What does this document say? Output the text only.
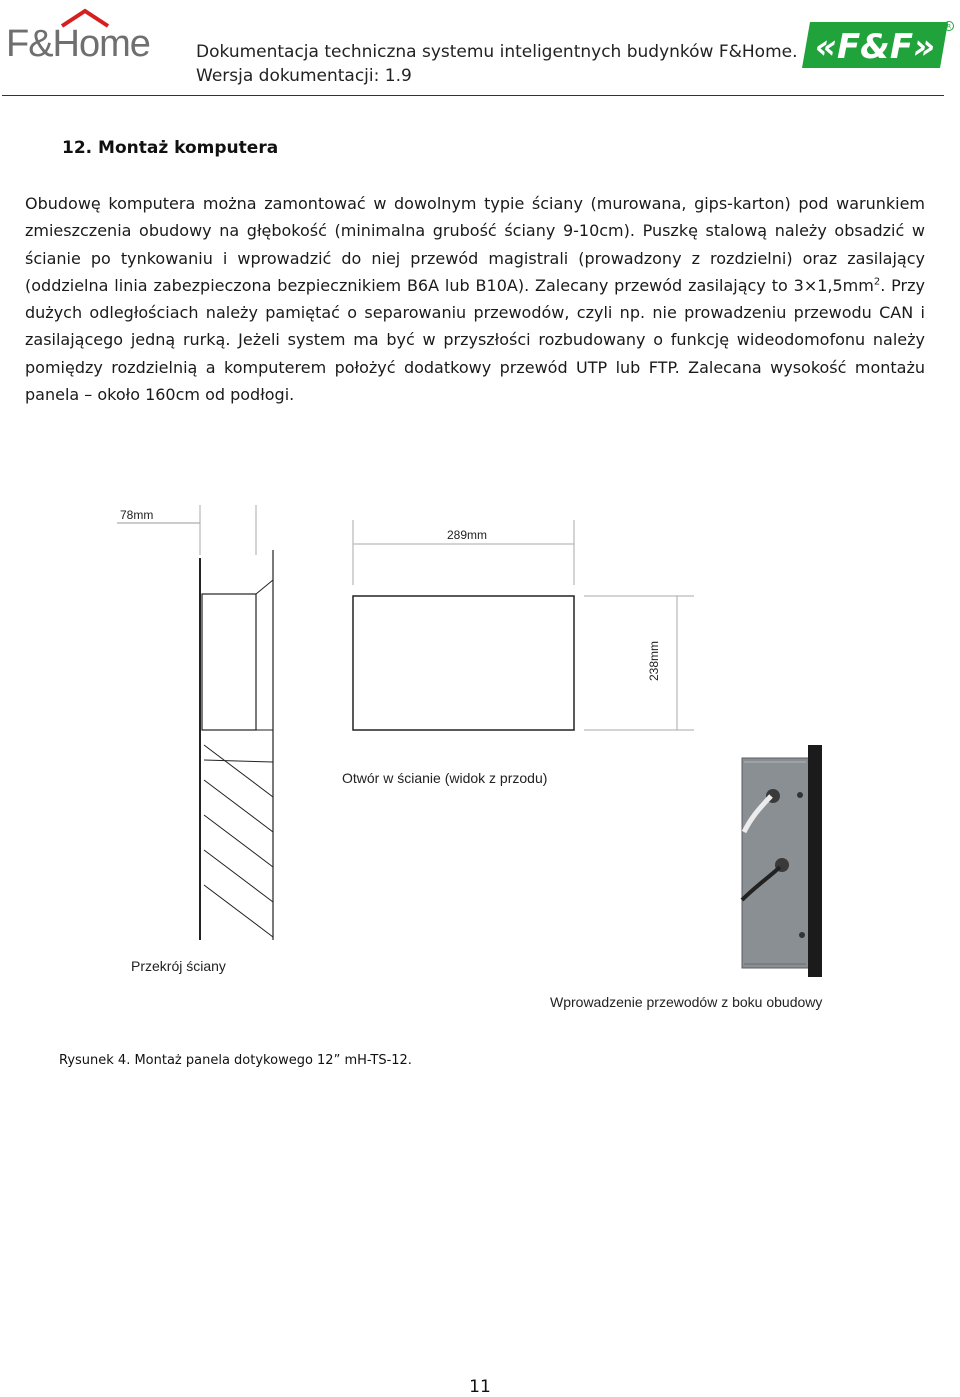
F&Home	Dokumentacja techniczna systemu inteligentnych budynków F&Home.
Wersja dokumentacji: 1.9
«F&F» R
12. Montaż komputera
Obudowę komputera można zamontować w dowolnym typie ściany (murowana, gips-karton) pod warunkiem zmieszczenia obudowy na głębokość (minimalna grubość ściany 9-10cm). Puszkę stalową należy obsadzić w ścianie po tynkowaniu i wprowadzić do niej przewód magistrali (prowadzony z rozdzielni) oraz zasilający (oddzielna linia zabezpieczona bezpiecznikiem B6A lub B10A). Zalecany przewód zasilający to $3\times 1,5mm^2$. Przy dużych odległościach należy pamiętać o separowaniu przewodów, czyli np. nie prowadzeniu przewodu CAN i zasilającego jedną rurką. Jeżeli system ma być w przyszłości rozbudowany o funkcję wideodomofonu należy pomiędzy rozdzielnią a komputerem położyć dodatkowy przewód UTP lub FTP. Zalecana wysokość montażu panela – około 160cm od podłogi.
78mm
289mm
238mm
Otwór w ścianie (widok z przodu)
Przekrój ściany
Wprowadzenie przewodów z boku obudowy
Rysunek 4. Montaż panela dotykowego 12” mH-TS-12.
11
